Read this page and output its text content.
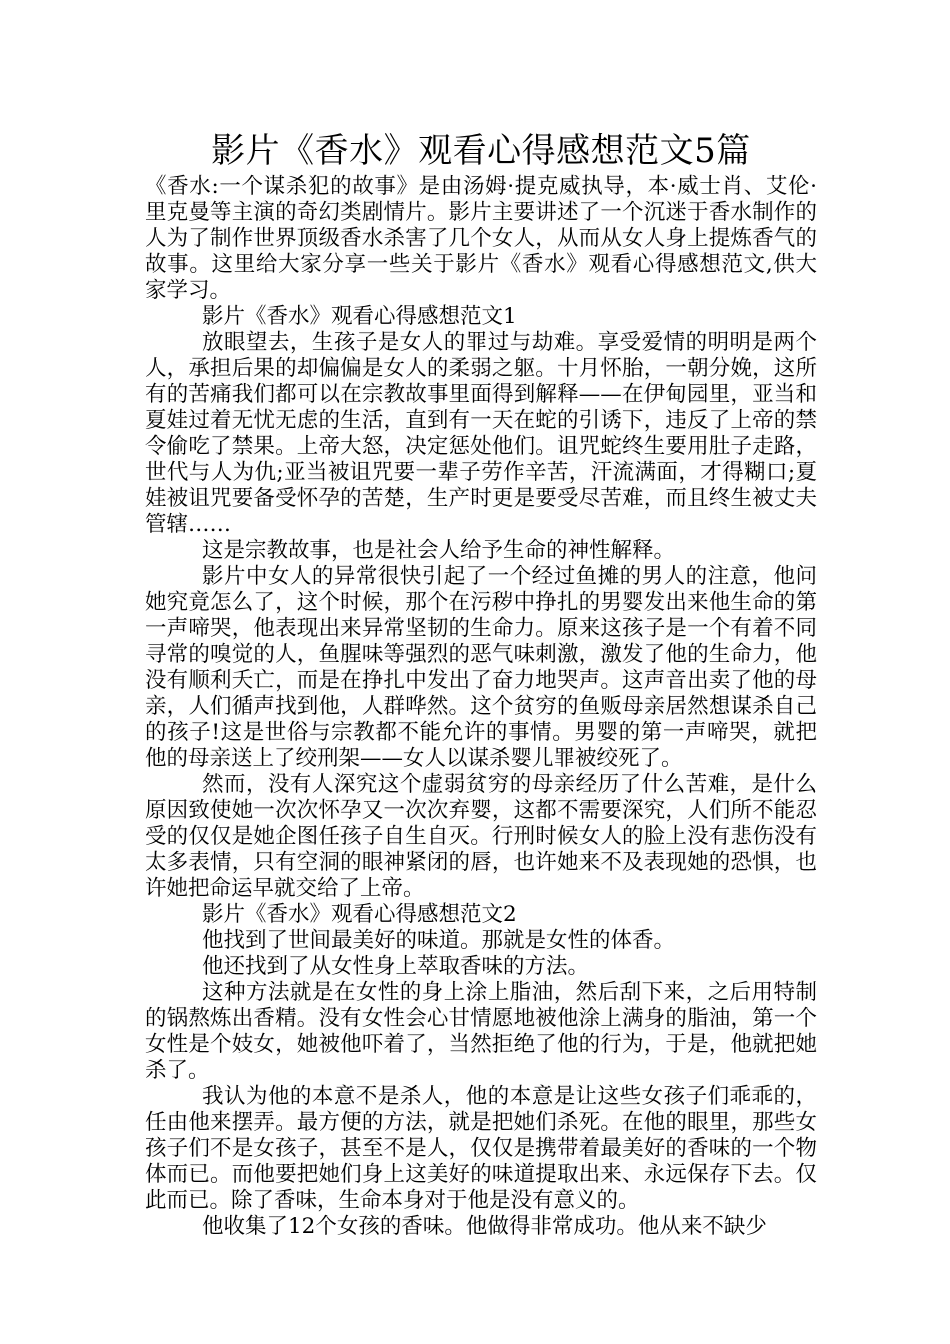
影片《香水》观看心得感想范文5篇

《香水:一个谋杀犯的故事》是由汤姆·提克威执导，本·威士肖、艾伦·里克曼等主演的奇幻类剧情片。影片主要讲述了一个沉迷于香水制作的人为了制作世界顶级香水杀害了几个女人，从而从女人身上提炼香气的故事。这里给大家分享一些关于影片《香水》观看心得感想范文,供大家学习。

影片《香水》观看心得感想范文1

放眼望去，生孩子是女人的罪过与劫难。享受爱情的明明是两个人，承担后果的却偏偏是女人的柔弱之躯。十月怀胎，一朝分娩，这所有的苦痛我们都可以在宗教故事里面得到解释——在伊甸园里，亚当和夏娃过着无忧无虑的生活，直到有一天在蛇的引诱下，违反了上帝的禁令偷吃了禁果。上帝大怒，决定惩处他们。诅咒蛇终生要用肚子走路，世代与人为仇;亚当被诅咒要一辈子劳作辛苦，汗流满面，才得糊口;夏娃被诅咒要备受怀孕的苦楚，生产时更是要受尽苦难，而且终生被丈夫管辖……

这是宗教故事，也是社会人给予生命的神性解释。

影片中女人的异常很快引起了一个经过鱼摊的男人的注意，他问她究竟怎么了，这个时候，那个在污秽中挣扎的男婴发出来他生命的第一声啼哭，他表现出来异常坚韧的生命力。原来这孩子是一个有着不同寻常的嗅觉的人，鱼腥味等强烈的恶气味刺激，激发了他的生命力，他没有顺利夭亡，而是在挣扎中发出了奋力地哭声。这声音出卖了他的母亲，人们循声找到他，人群哗然。这个贫穷的鱼贩母亲居然想谋杀自己的孩子!这是世俗与宗教都不能允许的事情。男婴的第一声啼哭，就把他的母亲送上了绞刑架——女人以谋杀婴儿罪被绞死了。

然而，没有人深究这个虚弱贫穷的母亲经历了什么苦难，是什么原因致使她一次次怀孕又一次次弃婴，这都不需要深究，人们所不能忍受的仅仅是她企图任孩子自生自灭。行刑时候女人的脸上没有悲伤没有太多表情，只有空洞的眼神紧闭的唇，也许她来不及表现她的恐惧，也许她把命运早就交给了上帝。

影片《香水》观看心得感想范文2

他找到了世间最美好的味道。那就是女性的体香。

他还找到了从女性身上萃取香味的方法。

这种方法就是在女性的身上涂上脂油，然后刮下来，之后用特制的锅熬炼出香精。没有女性会心甘情愿地被他涂上满身的脂油，第一个女性是个妓女，她被他吓着了，当然拒绝了他的行为，于是，他就把她杀了。

我认为他的本意不是杀人，他的本意是让这些女孩子们乖乖的，任由他来摆弄。最方便的方法，就是把她们杀死。在他的眼里，那些女孩子们不是女孩子，甚至不是人，仅仅是携带着最美好的香味的一个物体而已。而他要把她们身上这美好的味道提取出来、永远保存下去。仅此而已。除了香味，生命本身对于他是没有意义的。

他收集了12个女孩的香味。他做得非常成功。他从来不缺少
